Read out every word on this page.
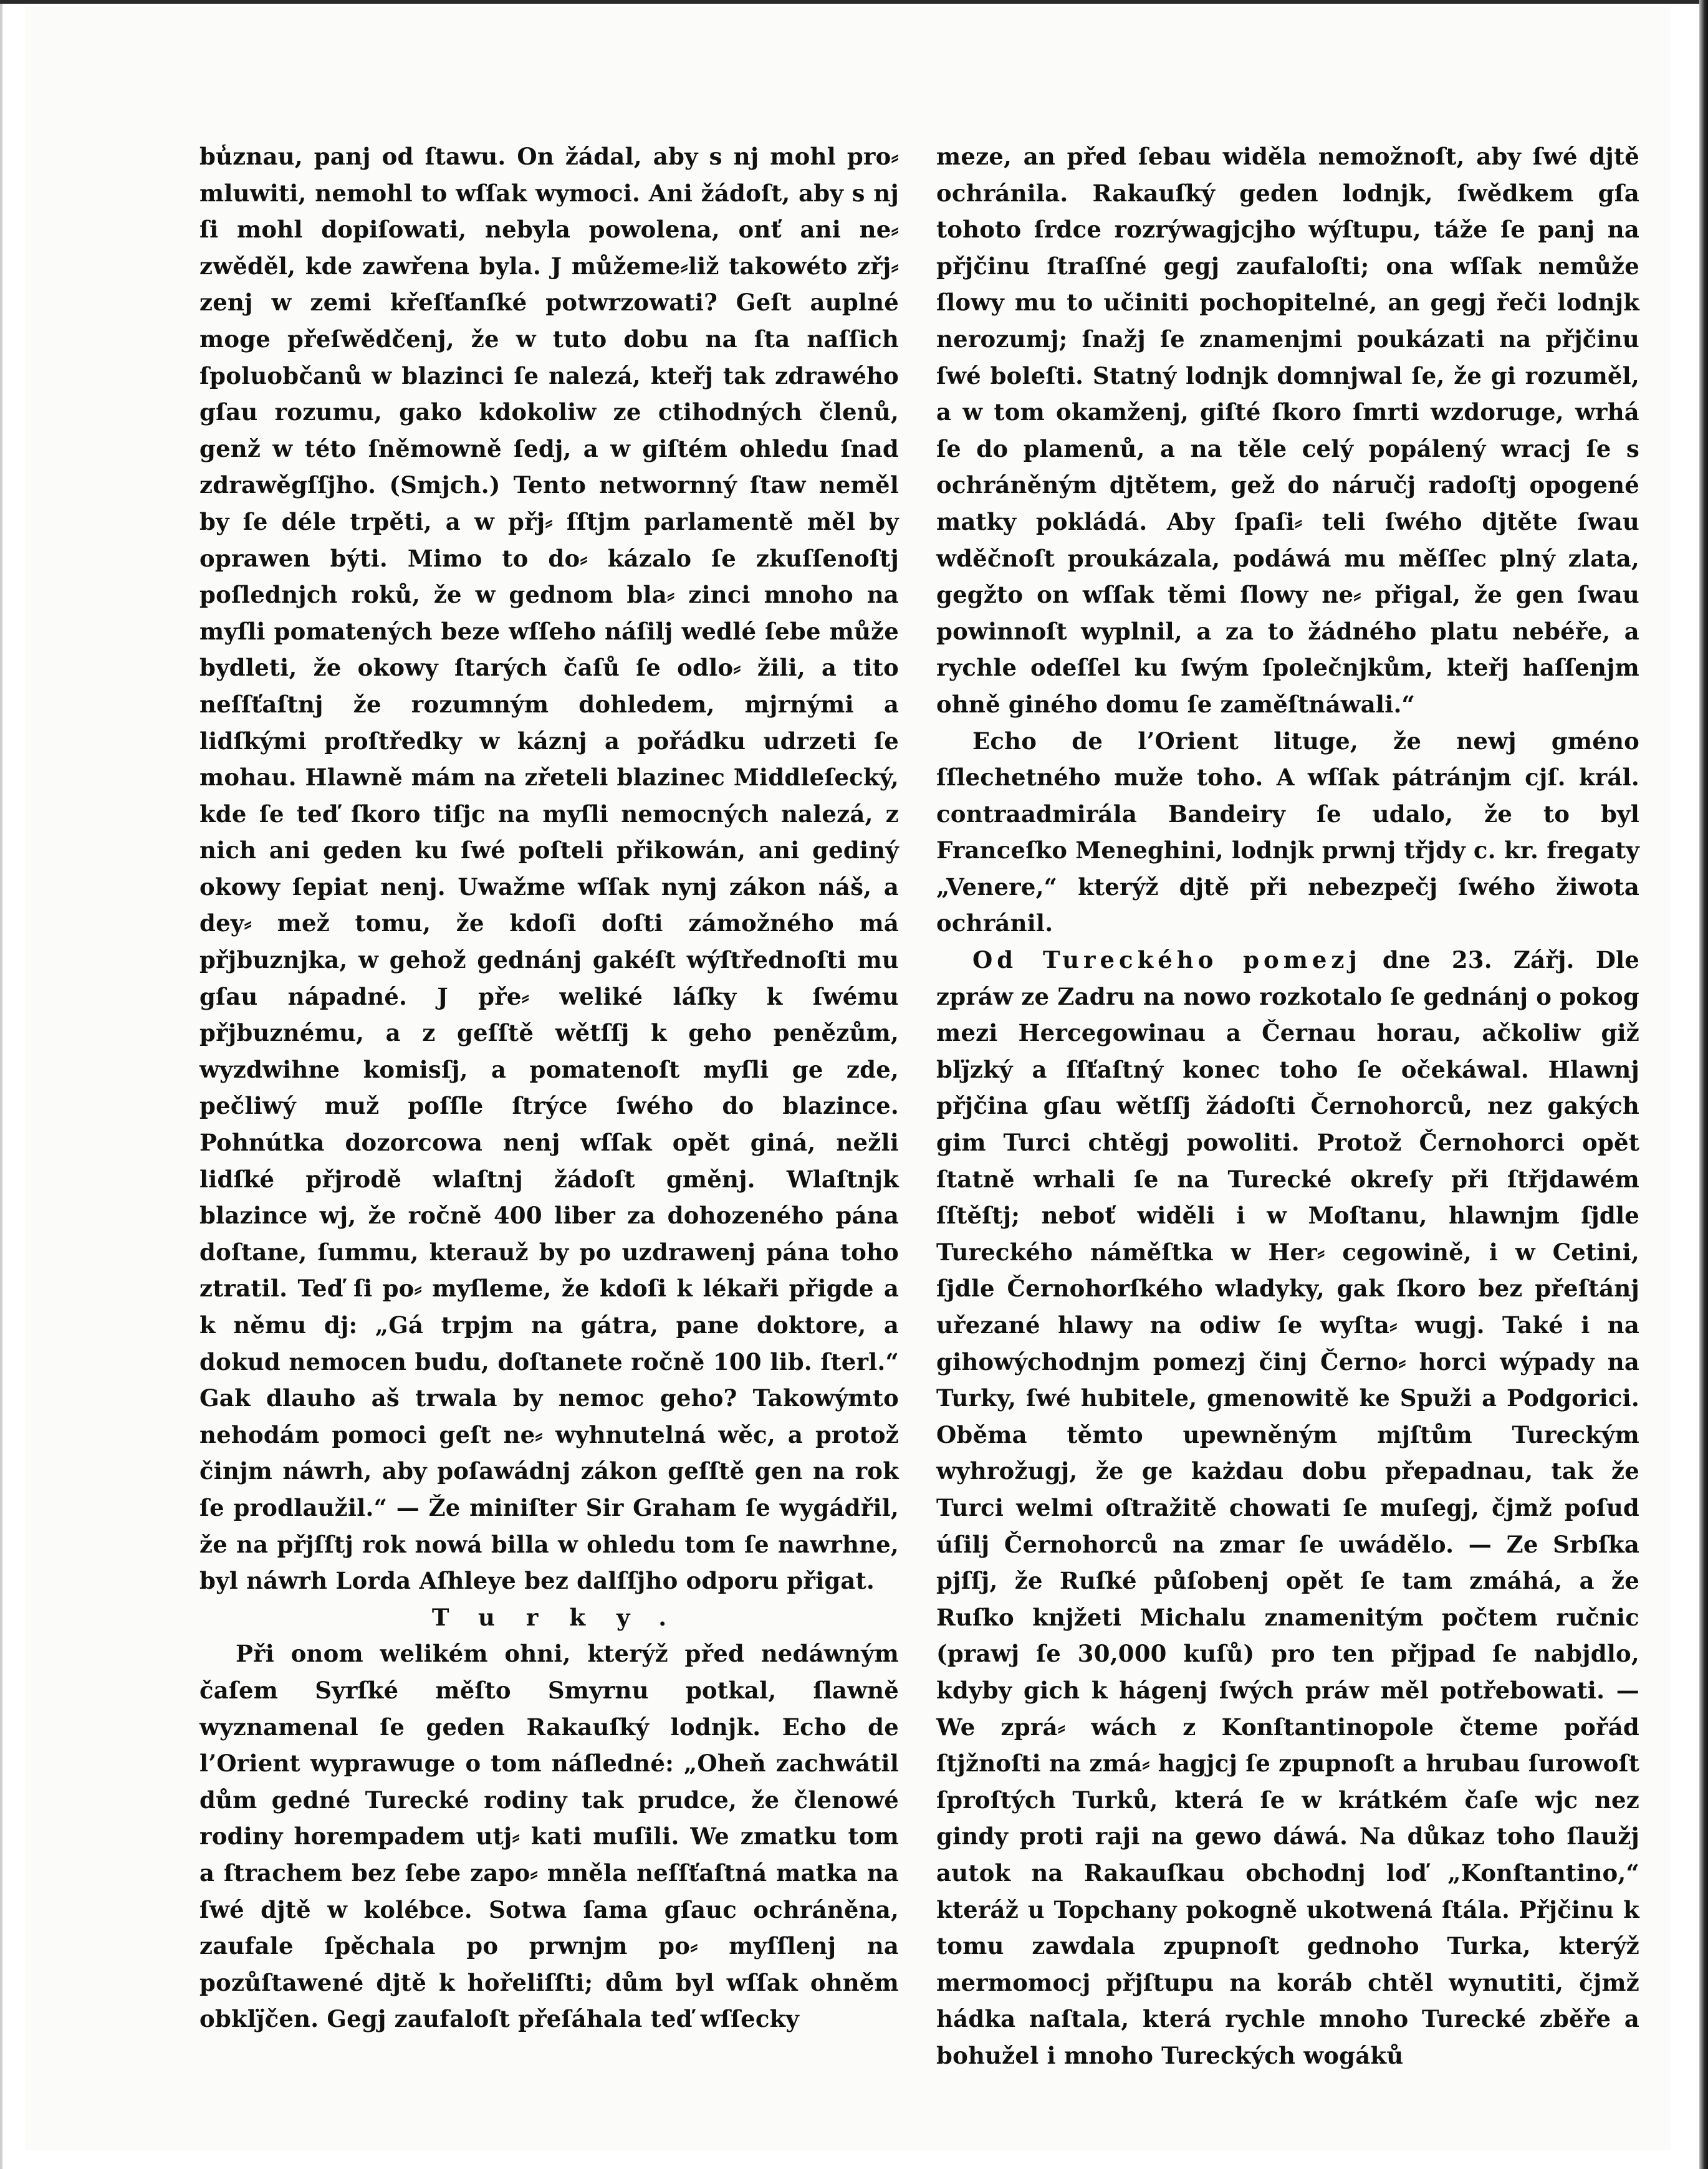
bu̾znau, panj od ſtawu. On žádal, aby s nj mohl pro⸗ mluwiti, nemohl to wſſak wymoci. Ani žádoſt, aby s nj ſi mohl dopiſowati, nebyla powolena, onť ani ne⸗ zwěděl, kde zawřena byla. J můžeme⸗liž takowéto zřj⸗ zenj w zemi křeſťanſké potwrzowati? Geſt auplné moge přeſwědčenj, že w tuto dobu na ſta naſſich ſpoluobčanů w blazinci ſe nalezá, kteřj tak zdrawého gſau rozumu, gako kdokoliw ze ctihodných členů, genž w této ſněmowně ſedj, a w giſtém ohledu ſnad zdrawěgſſjho. (Smjch.) Tento networnný ſtaw neměl by ſe déle trpěti, a w přj⸗ ſſtjm parlamentě měl by oprawen býti. Mimo to do⸗ kázalo ſe zkuſſenoſtj poſlednjch roků, že w gednom bla⸗ zinci mnoho na myſli pomatených beze wſſeho náſilj wedlé ſebe může bydleti, že okowy ſtarých čaſů ſe odlo⸗ žili, a tito neſſťaſtnj že rozumným dohledem, mjrnými a lidſkými proſtředky w káznj a pořádku udrzeti ſe mohau. Hlawně mám na zřeteli blazinec Middleſecký, kde ſe teď ſkoro tiſjc na myſli nemocných nalezá, z nich ani geden ku ſwé poſteli přikowán, ani gediný okowy ſepiat nenj. Uwažme wſſak nynj zákon náš, a dey⸗ mež tomu, že kdoſi doſti zámožného má přjbuznjka, w gehož gednánj gakéſt wýſtřednoſti mu gſau nápadné. J pře⸗ weliké láſky k ſwému přjbuznému, a z geſſtě wětſſj k geho penězům, wyzdwihne komisſj, a pomatenoſt myſli ge zde, pečliwý muž poſſle ſtrýce ſwého do blazince. Pohnútka dozorcowa nenj wſſak opět giná, nežli lidſké přjrodě wlaſtnj žádoſt gměnj. Wlaſtnjk blazince wj, že ročně 400 liber za dohozeného pána doſtane, ſummu, kterauž by po uzdrawenj pána toho ztratil. Teď ſi po⸗ myſleme, že kdoſi k lékaři přigde a k němu dj: „Gá trpjm na gátra, pane doktore, a dokud nemocen budu, doſtanete ročně 100 lib. ſterl.“ Gak dlauho aš trwala by nemoc geho? Takowýmto nehodám pomoci geſt ne⸗ wyhnutelná wěc, a protož činjm náwrh, aby poſawádnj zákon geſſtě gen na rok ſe prodlaužil.“ — Že miniſter Sir Graham ſe wygádřil, že na přjſſtj rok nowá billa w ohledu tom ſe nawrhne, byl náwrh Lorda Aſhleye bez dalſſjho odporu přigat.

Turky.

Při onom welikém ohni, kterýž před nedáwným čaſem Syrſké měſto Smyrnu potkal, ſlawně wyznamenal ſe geden Rakauſký lodnjk. Echo de l’Orient wyprawuge o tom náſledné: „Oheň zachwátil dům gedné Turecké rodiny tak prudce, že členowé rodiny horempadem utj⸗ kati muſili. We zmatku tom a ſtrachem bez ſebe zapo⸗ mněla neſſťaſtná matka na ſwé djtě w kolébce. Sotwa ſama gſauc ochráněna, zaufale ſpěchala po prwnjm po⸗ myſſlenj na pozůſtawené djtě k hořeliſſti; dům byl wſſak ohněm obklj̈čen. Gegj zaufaloſt přeſáhala teď wſſecky

meze, an před ſebau widěla nemožnoſt, aby ſwé djtě ochránila. Rakauſký geden lodnjk, ſwědkem gſa tohoto ſrdce rozrýwagjcjho wýſtupu, táže ſe panj na přjčinu ſtraſſné gegj zaufaloſti; ona wſſak nemůže ſlowy mu to učiniti pochopitelné, an gegj řeči lodnjk nerozumj; ſnažj ſe znamenjmi poukázati na přjčinu ſwé boleſti. Statný lodnjk domnjwal ſe, že gi rozuměl, a w tom okamženj, giſté ſkoro ſmrti wzdoruge, wrhá ſe do plamenů, a na těle celý popálený wracj ſe s ochráněným djtětem, gež do náručj radoſtj opogené matky pokládá. Aby ſpaſi⸗ teli ſwého djtěte ſwau wděčnoſt proukázala, podáwá mu měſſec plný zlata, gegžto on wſſak těmi ſlowy ne⸗ přigal, že gen ſwau powinnoſt wyplnil, a za to žádného platu nebéře, a rychle odeſſel ku ſwým ſpolečnjkům, kteřj haſſenjm ohně giného domu ſe zaměſtnáwali.“

Echo de l’Orient lituge, že newj gméno ſſlechetného muže toho. A wſſak pátránjm cjſ. král. contraadmirála Bandeiry ſe udalo, že to byl Franceſko Meneghini, lodnjk prwnj třjdy c. kr. fregaty „Venere,“ kterýž djtě při nebezpečj ſwého žiwota ochránil.

Od Tureckého pomezj dne 23. Zářj. Dle zpráw ze Zadru na nowo rozkotalo ſe gednánj o pokog mezi Hercegowinau a Černau horau, ačkoliw giž blj̈zký a ſſťaſtný konec toho ſe očekáwal. Hlawnj přjčina gſau wětſſj žádoſti Černohorců, nez gakých gim Turci chtěgj powoliti. Protož Černohorci opět ſtatně wrhali ſe na Turecké okreſy při ſtřjdawém ſſtěſtj; neboť widěli i w Moſtanu, hlawnjm ſjdle Tureckého náměſtka w Her⸗ cegowině, i w Cetini, ſjdle Černohorſkého wladyky, gak ſkoro bez přeſtánj uřezané hlawy na odiw ſe wyſta⸗ wugj. Také i na gihowýchodnjm pomezj činj Černo⸗ horci wýpady na Turky, ſwé hubitele, gmenowitě ke Spuži a Podgorici. Oběma těmto upewněným mjſtům Tureckým wyhrožugj, že ge każdau dobu přepadnau, tak že Turci welmi oſtražitě chowati ſe muſegj, čjmž poſud úſilj Černohorců na zmar ſe uwádělo. — Ze Srbſka pjſſj, že Ruſké půſobenj opět ſe tam zmáhá, a že Ruſko knjžeti Michalu znamenitým počtem ručnic (prawj ſe 30,000 kuſů) pro ten přjpad ſe nabjdlo, kdyby gich k hágenj ſwých práw měl potřebowati. — We zprá⸗ wách z Konſtantinopole čteme pořád ſtjžnoſti na zmá⸗ hagjcj ſe zpupnoſt a hrubau ſurowoſt ſproſtých Turků, která ſe w krátkém čaſe wjc nez gindy proti raji na gewo dáwá. Na důkaz toho ſlaužj autok na Rakauſkau obchodnj loď „Konſtantino,“ kteráž u Topchany pokogně ukotwená ſtála. Přjčinu k tomu zawdala zpupnoſt gednoho Turka, kterýž mermomocj přjſtupu na koráb chtěl wynutiti, čjmž hádka naſtala, která rychle mnoho Turecké zběře a bohužel i mnoho Tureckých wogáků
